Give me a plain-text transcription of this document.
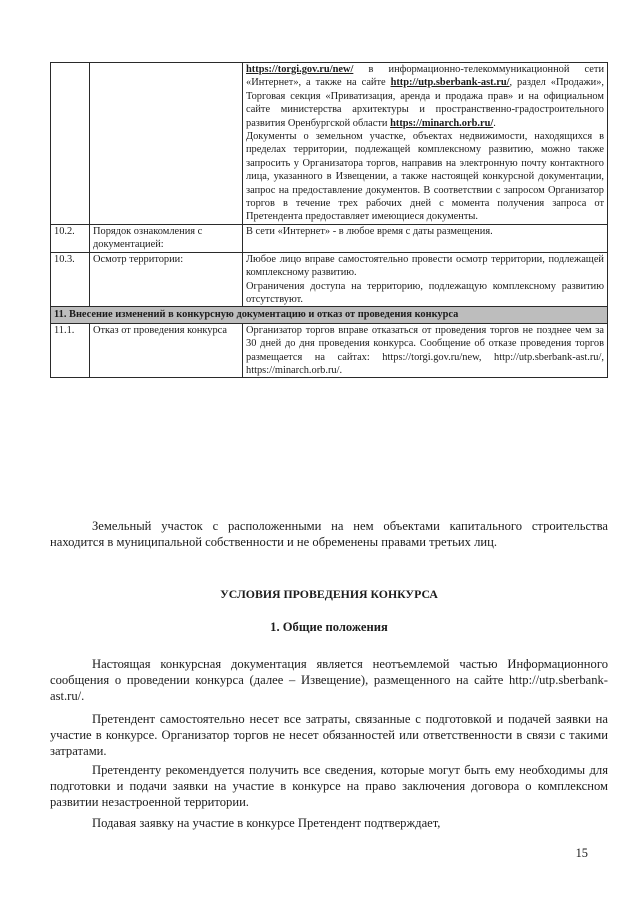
		https://torgi.gov.ru/new/ в информационно-телекоммуникационной сети «Интернет», а также на сайте http://utp.sberbank-ast.ru/, раздел «Продажи», Торговая секция «Приватизация, аренда и продажа прав» и на официальном сайте министерства архитектуры и пространственно-градостроительного развития Оренбургской области https://minarch.orb.ru/.

Документы о земельном участке, объектах недвижимости, находящихся в пределах территории, подлежащей комплексному развитию, можно также запросить у Организатора торгов, направив на электронную почту контактного лица, указанного в Извещении, а также настоящей конкурсной документации, запрос на предоставление документов. В соответствии с запросом Организатор торгов в течение трех рабочих дней с момента получения запроса от Претендента предоставляет имеющиеся документы.

10.2.	Порядок ознакомления с документацией:	В сети «Интернет» - в любое время с даты размещения.
10.3.	Осмотр территории:	Любое лицо вправе самостоятельно провести осмотр территории, подлежащей комплексному развитию.

Ограничения доступа на территорию, подлежащую комплексному развитию отсутствуют.

11. Внесение изменений в конкурсную документацию и отказ от проведения конкурса		
11.1.	Отказ от проведения конкурса	Организатор торгов вправе отказаться от проведения торгов не позднее чем за 30 дней до дня проведения конкурса. Сообщение об отказе проведения торгов размещается на сайтах: https://torgi.gov.ru/new, http://utp.sberbank-ast.ru/, https://minarch.orb.ru/.

Земельный участок с расположенными на нем объектами капитального строительства находится в муниципальной собственности и не обременены правами третьих лиц.

УСЛОВИЯ ПРОВЕДЕНИЯ КОНКУРСА

1. Общие положения

Настоящая конкурсная документация является неотъемлемой частью Информационного сообщения о проведении конкурса (далее – Извещение), размещенного на сайте http://utp.sberbank-ast.ru/.

Претендент самостоятельно несет все затраты, связанные с подготовкой и подачей заявки на участие в конкурсе. Организатор торгов не несет обязанностей или ответственности в связи с такими затратами.

Претенденту рекомендуется получить все сведения, которые могут быть ему необходимы для подготовки и подачи заявки на участие в конкурсе на право заключения договора о комплексном развитии незастроенной территории.

Подавая заявку на участие в конкурсе Претендент подтверждает,

15
